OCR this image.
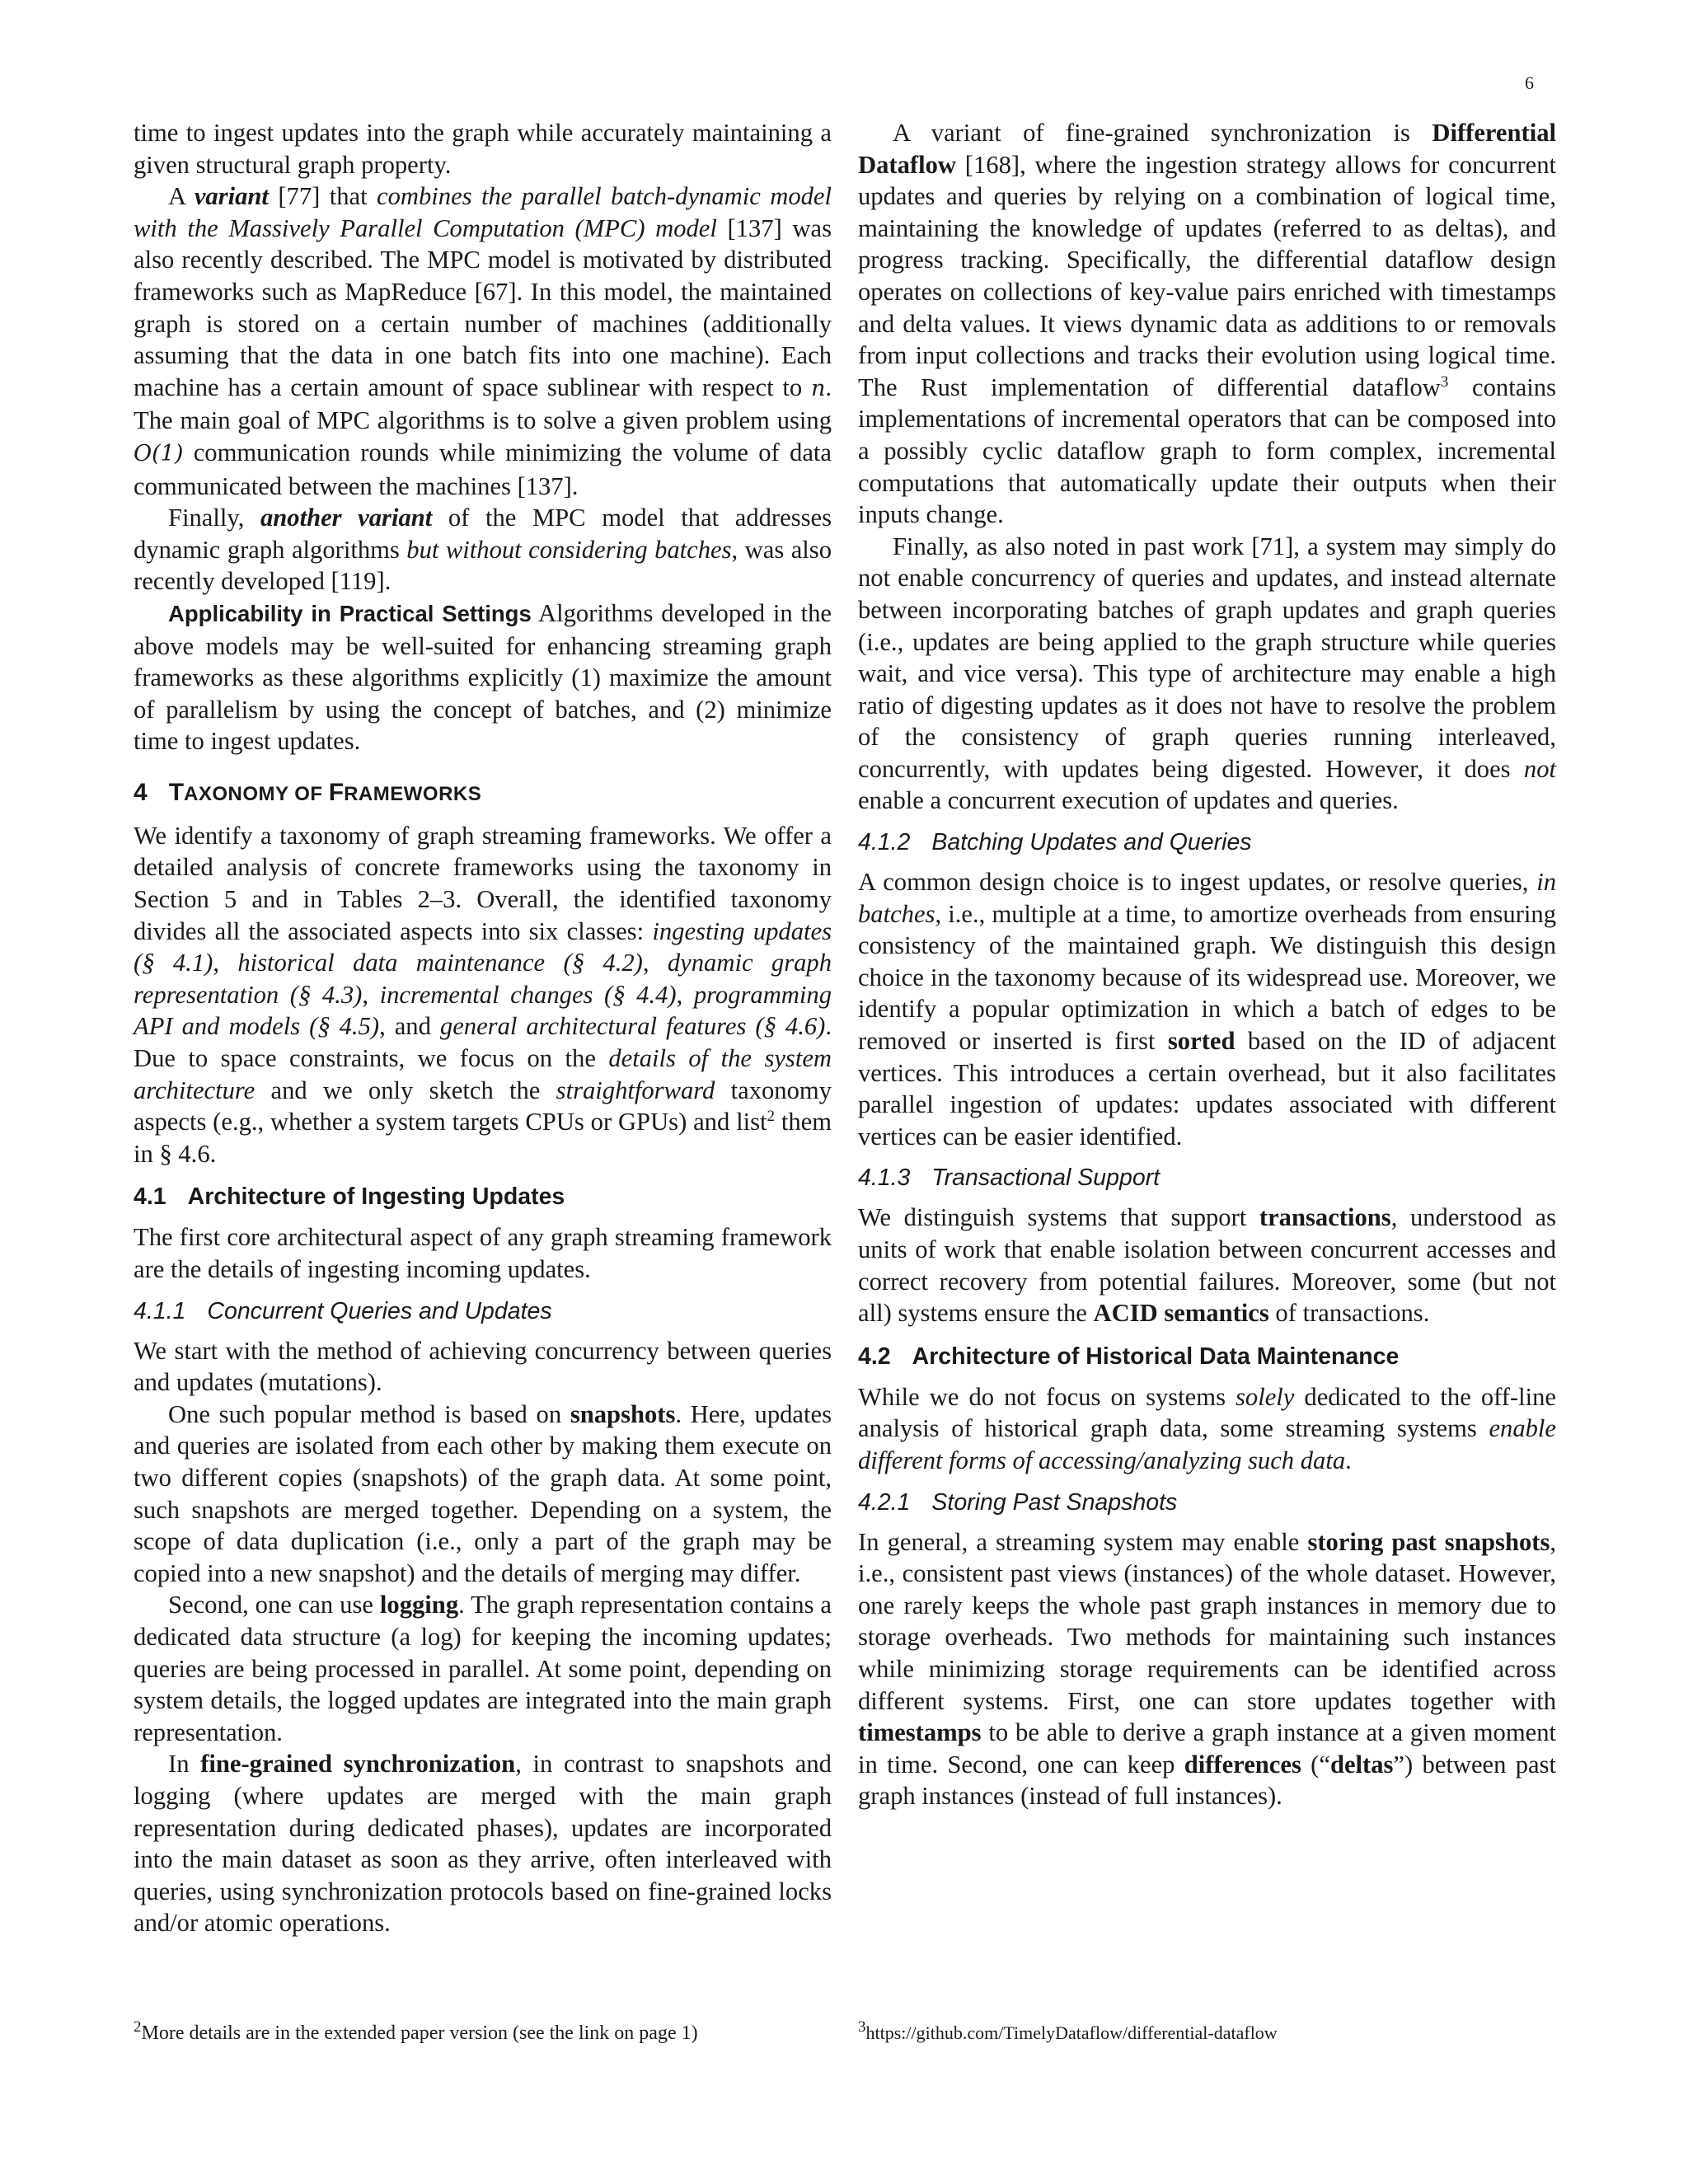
6

time to ingest updates into the graph while accurately maintaining a given structural graph property.

A variant [77] that combines the parallel batch-dynamic model with the Massively Parallel Computation (MPC) model [137] was also recently described. The MPC model is motivated by distributed frameworks such as MapReduce [67]. In this model, the maintained graph is stored on a certain number of machines (additionally assuming that the data in one batch fits into one machine). Each machine has a certain amount of space sublinear with respect to n. The main goal of MPC algorithms is to solve a given problem using O(1) communication rounds while minimizing the volume of data communicated between the machines [137].

Finally, another variant of the MPC model that addresses dynamic graph algorithms but without considering batches, was also recently developed [119].

Applicability in Practical Settings Algorithms developed in the above models may be well-suited for enhancing streaming graph frameworks as these algorithms explicitly (1) maximize the amount of parallelism by using the concept of batches, and (2) minimize time to ingest updates.

4 TAXONOMY OF FRAMEWORKS

We identify a taxonomy of graph streaming frameworks. We offer a detailed analysis of concrete frameworks using the taxonomy in Section 5 and in Tables 2–3. Overall, the identified taxonomy divides all the associated aspects into six classes: ingesting updates (§ 4.1), historical data maintenance (§ 4.2), dynamic graph representation (§ 4.3), incremental changes (§ 4.4), programming API and models (§ 4.5), and general architectural features (§ 4.6). Due to space constraints, we focus on the details of the system architecture and we only sketch the straightforward taxonomy aspects (e.g., whether a system targets CPUs or GPUs) and list$^2$ them in § 4.6.

4.1 Architecture of Ingesting Updates

The first core architectural aspect of any graph streaming framework are the details of ingesting incoming updates.

4.1.1 Concurrent Queries and Updates

We start with the method of achieving concurrency between queries and updates (mutations).

One such popular method is based on snapshots. Here, updates and queries are isolated from each other by making them execute on two different copies (snapshots) of the graph data. At some point, such snapshots are merged together. Depending on a system, the scope of data duplication (i.e., only a part of the graph may be copied into a new snapshot) and the details of merging may differ.

Second, one can use logging. The graph representation contains a dedicated data structure (a log) for keeping the incoming updates; queries are being processed in parallel. At some point, depending on system details, the logged updates are integrated into the main graph representation.

In fine-grained synchronization, in contrast to snapshots and logging (where updates are merged with the main graph representation during dedicated phases), updates are incorporated into the main dataset as soon as they arrive, often interleaved with queries, using synchronization protocols based on fine-grained locks and/or atomic operations.

A variant of fine-grained synchronization is Differential Dataflow [168], where the ingestion strategy allows for concurrent updates and queries by relying on a combination of logical time, maintaining the knowledge of updates (referred to as deltas), and progress tracking. Specifically, the differential dataflow design operates on collections of key-value pairs enriched with timestamps and delta values. It views dynamic data as additions to or removals from input collections and tracks their evolution using logical time. The Rust implementation of differential dataflow$^3$ contains implementations of incremental operators that can be composed into a possibly cyclic dataflow graph to form complex, incremental computations that automatically update their outputs when their inputs change.

Finally, as also noted in past work [71], a system may simply do not enable concurrency of queries and updates, and instead alternate between incorporating batches of graph updates and graph queries (i.e., updates are being applied to the graph structure while queries wait, and vice versa). This type of architecture may enable a high ratio of digesting updates as it does not have to resolve the problem of the consistency of graph queries running interleaved, concurrently, with updates being digested. However, it does not enable a concurrent execution of updates and queries.

4.1.2 Batching Updates and Queries

A common design choice is to ingest updates, or resolve queries, in batches, i.e., multiple at a time, to amortize overheads from ensuring consistency of the maintained graph. We distinguish this design choice in the taxonomy because of its widespread use. Moreover, we identify a popular optimization in which a batch of edges to be removed or inserted is first sorted based on the ID of adjacent vertices. This introduces a certain overhead, but it also facilitates parallel ingestion of updates: updates associated with different vertices can be easier identified.

4.1.3 Transactional Support

We distinguish systems that support transactions, understood as units of work that enable isolation between concurrent accesses and correct recovery from potential failures. Moreover, some (but not all) systems ensure the ACID semantics of transactions.

4.2 Architecture of Historical Data Maintenance

While we do not focus on systems solely dedicated to the off-line analysis of historical graph data, some streaming systems enable different forms of accessing/analyzing such data.

4.2.1 Storing Past Snapshots

In general, a streaming system may enable storing past snapshots, i.e., consistent past views (instances) of the whole dataset. However, one rarely keeps the whole past graph instances in memory due to storage overheads. Two methods for maintaining such instances while minimizing storage requirements can be identified across different systems. First, one can store updates together with timestamps to be able to derive a graph instance at a given moment in time. Second, one can keep differences (“deltas”) between past graph instances (instead of full instances).

$^2$More details are in the extended paper version (see the link on page 1)	$^3$https://github.com/TimelyDataflow/differential-dataflow
